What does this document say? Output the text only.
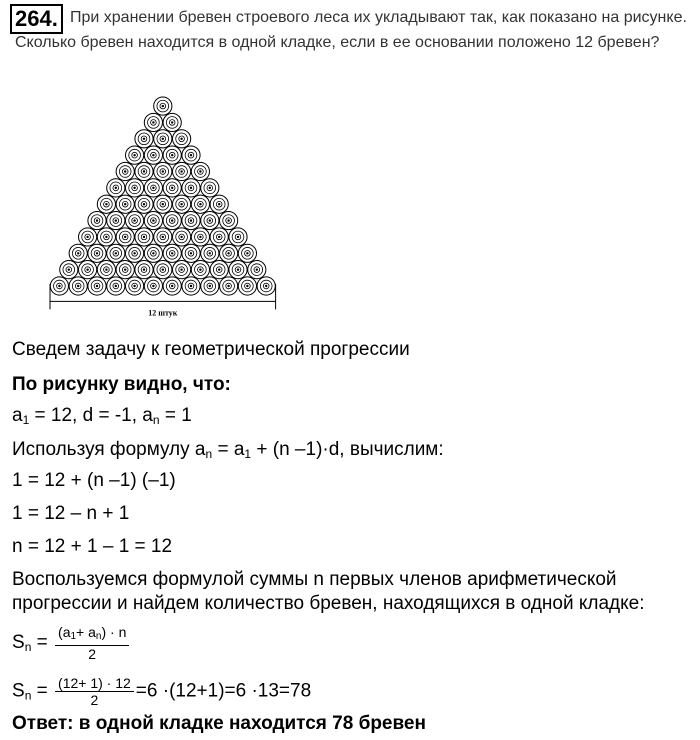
264. При хранении бревен строевого леса их укладывают так, как показано на рисунке.
Сколько бревен находится в одной кладке, если в ее основании положено 12 бревен?
12 штук
Сведем задачу к геометрической прогрессии
По рисунку видно, что:
$a_1 = 12$, d = -1, $a_n = 1$
Используя формулу $a_n = a_1 + (n$ –1)·d, вычислим:
1 = 12 + (n –1) (–1)
1 = 12 – n + 1
n = 12 + 1 – 1 = 12
Воспользуемся формулой суммы n первых членов арифметической
прогрессии и найдем количество бревен, находящихся в одной кладке:
$S_n = \frac{(a_1+ a_n) \cdot n}{2}$
$S_n = \frac{(12+ 1) \cdot 12}{2} =6 \cdot(12+1)=6 \cdot 13=78$
Ответ: в одной кладке находится 78 бревен
